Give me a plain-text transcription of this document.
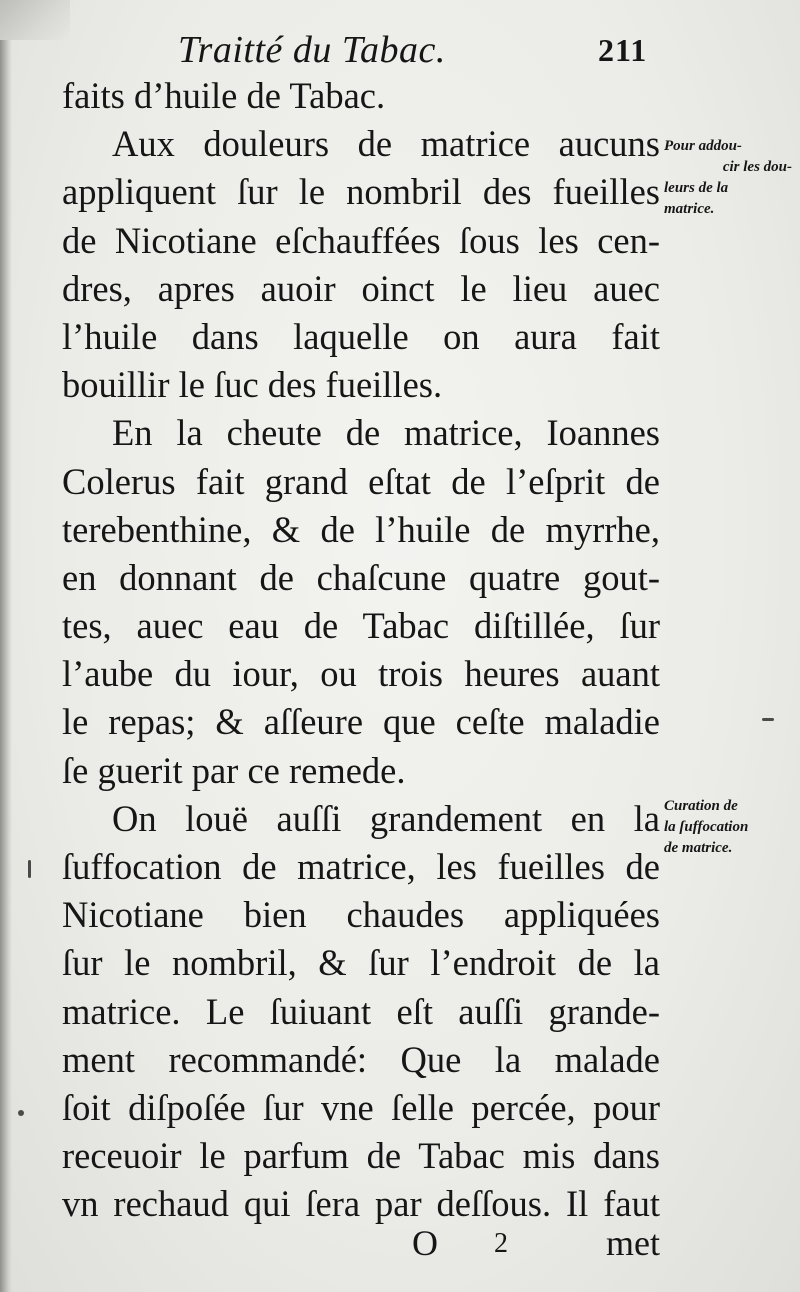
Traitté du Tabac.	211
faits d’huile de Tabac.
Aux douleurs de matrice aucuns
appliquent ſur le nombril des fueilles
de Nicotiane eſchauffées ſous les cen-
dres, apres auoir oinct le lieu auec
l’huile dans laquelle on aura fait
bouillir le ſuc des fueilles.
En la cheute de matrice, Ioannes
Colerus fait grand eſtat de l’eſprit de
terebenthine, & de l’huile de myrrhe,
en donnant de chaſcune quatre gout-
tes, auec eau de Tabac diſtillée, ſur
l’aube du iour, ou trois heures auant
le repas; & aſſeure que ceſte maladie
ſe guerit par ce remede.
On louë auſſi grandement en la
ſuffocation de matrice, les fueilles de
Nicotiane bien chaudes appliquées
ſur le nombril, & ſur l’endroit de la
matrice. Le ſuiuant eſt auſſi grande-
ment recommandé: Que la malade
ſoit diſpoſée ſur vne ſelle percée, pour
receuoir le parfum de Tabac mis dans
vn rechaud qui ſera par deſſous. Il faut
Pour addou-
cir les dou-
leurs de la
matrice.
Curation de
la ſuffocation
de matrice.
O 2	met
